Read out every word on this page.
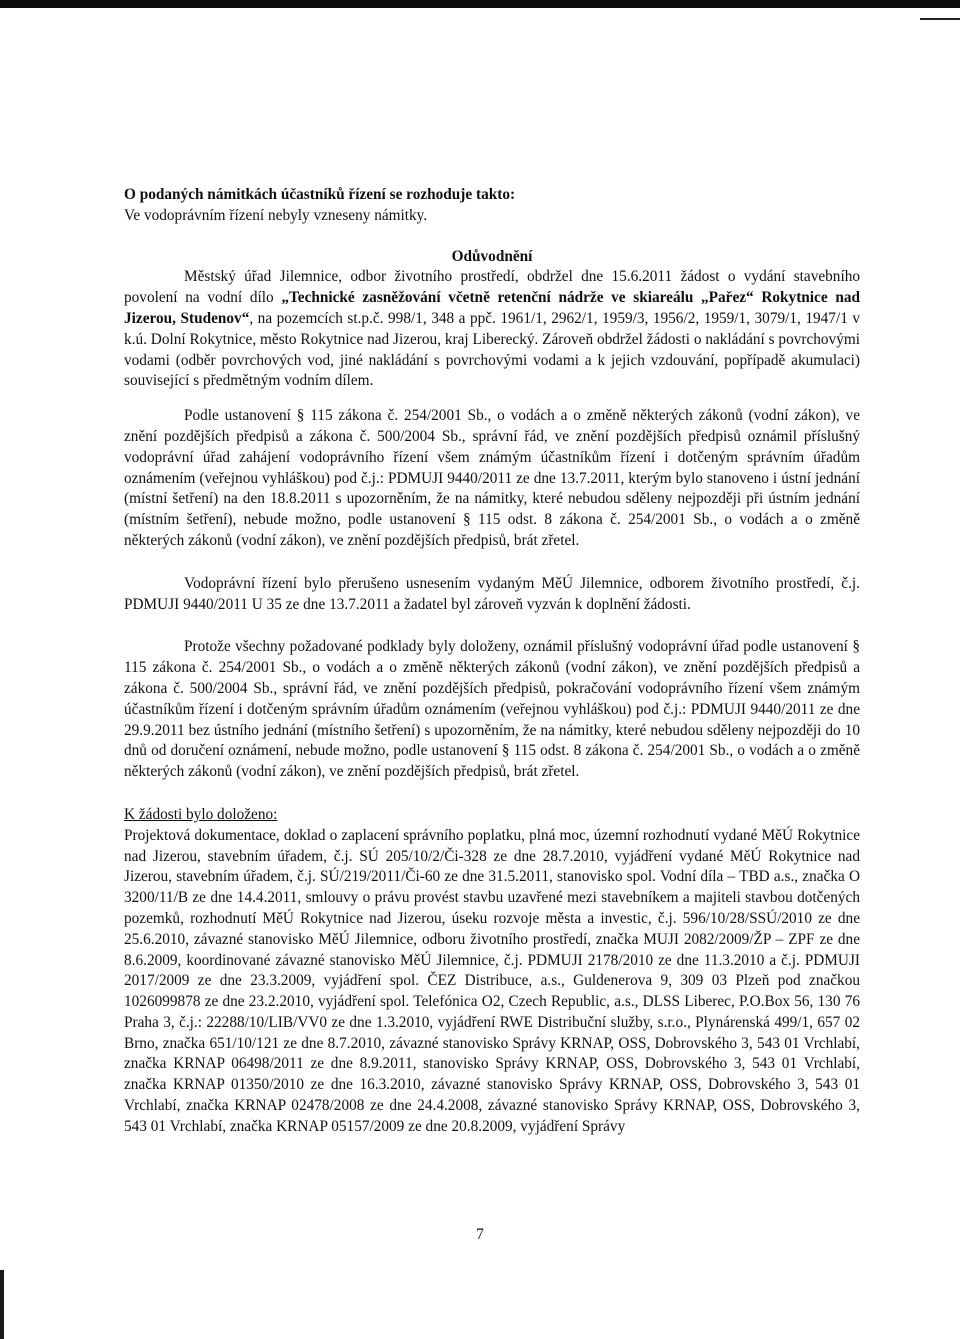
O podaných námitkách účastníků řízení se rozhoduje takto:

Ve vodoprávním řízení nebyly vzneseny námitky.

Odůvodnění

Městský úřad Jilemnice, odbor životního prostředí, obdržel dne 15.6.2011 žádost o vydání stavebního povolení na vodní dílo „Technické zasněžování včetně retenční nádrže ve skiareálu „Pařez“ Rokytnice nad Jizerou, Studenov“, na pozemcích st.p.č. 998/1, 348 a ppč. 1961/1, 2962/1, 1959/3, 1956/2, 1959/1, 3079/1, 1947/1 v k.ú. Dolní Rokytnice, město Rokytnice nad Jizerou, kraj Liberecký. Zároveň obdržel žádosti o nakládání s povrchovými vodami (odběr povrchových vod, jiné nakládání s povrchovými vodami a k jejich vzdouvání, popřípadě akumulaci) související s předmětným vodním dílem.

Podle ustanovení § 115 zákona č. 254/2001 Sb., o vodách a o změně některých zákonů (vodní zákon), ve znění pozdějších předpisů a zákona č. 500/2004 Sb., správní řád, ve znění pozdějších předpisů oznámil příslušný vodoprávní úřad zahájení vodoprávního řízení všem známým účastníkům řízení i dotčeným správním úřadům oznámením (veřejnou vyhláškou) pod č.j.: PDMUJI 9440/2011 ze dne 13.7.2011, kterým bylo stanoveno i ústní jednání (místní šetření) na den 18.8.2011 s upozorněním, že na námitky, které nebudou sděleny nejpozději při ústním jednání (místním šetření), nebude možno, podle ustanovení § 115 odst. 8 zákona č. 254/2001 Sb., o vodách a o změně některých zákonů (vodní zákon), ve znění pozdějších předpisů, brát zřetel.

Vodoprávní řízení bylo přerušeno usnesením vydaným MěÚ Jilemnice, odborem životního prostředí, č.j. PDMUJI 9440/2011 U 35 ze dne 13.7.2011 a žadatel byl zároveň vyzván k doplnění žádosti.

Protože všechny požadované podklady byly doloženy, oznámil příslušný vodoprávní úřad podle ustanovení § 115 zákona č. 254/2001 Sb., o vodách a o změně některých zákonů (vodní zákon), ve znění pozdějších předpisů a zákona č. 500/2004 Sb., správní řád, ve znění pozdějších předpisů, pokračování vodoprávního řízení všem známým účastníkům řízení i dotčeným správním úřadům oznámením (veřejnou vyhláškou) pod č.j.: PDMUJI 9440/2011 ze dne 29.9.2011 bez ústního jednání (místního šetření) s upozorněním, že na námitky, které nebudou sděleny nejpozději do 10 dnů od doručení oznámení, nebude možno, podle ustanovení § 115 odst. 8 zákona č. 254/2001 Sb., o vodách a o změně některých zákonů (vodní zákon), ve znění pozdějších předpisů, brát zřetel.

K žádosti bylo doloženo:

Projektová dokumentace, doklad o zaplacení správního poplatku, plná moc, územní rozhodnutí vydané MěÚ Rokytnice nad Jizerou, stavebním úřadem, č.j. SÚ 205/10/2/Či-328 ze dne 28.7.2010, vyjádření vydané MěÚ Rokytnice nad Jizerou, stavebním úřadem, č.j. SÚ/219/2011/Či-60 ze dne 31.5.2011, stanovisko spol. Vodní díla – TBD a.s., značka O 3200/11/B ze dne 14.4.2011, smlouvy o právu provést stavbu uzavřené mezi stavebníkem a majiteli stavbou dotčených pozemků, rozhodnutí MěÚ Rokytnice nad Jizerou, úseku rozvoje města a investic, č.j. 596/10/28/SSÚ/2010 ze dne 25.6.2010, závazné stanovisko MěÚ Jilemnice, odboru životního prostředí, značka MUJI 2082/2009/ŽP – ZPF ze dne 8.6.2009, koordinované závazné stanovisko MěÚ Jilemnice, č.j. PDMUJI 2178/2010 ze dne 11.3.2010 a č.j. PDMUJI 2017/2009 ze dne 23.3.2009, vyjádření spol. ČEZ Distribuce, a.s., Guldenerova 9, 309 03 Plzeň pod značkou 1026099878 ze dne 23.2.2010, vyjádření spol. Telefónica O2, Czech Republic, a.s., DLSS Liberec, P.O.Box 56, 130 76 Praha 3, č.j.: 22288/10/LIB/VV0 ze dne 1.3.2010, vyjádření RWE Distribuční služby, s.r.o., Plynárenská 499/1, 657 02 Brno, značka 651/10/121 ze dne 8.7.2010, závazné stanovisko Správy KRNAP, OSS, Dobrovského 3, 543 01 Vrchlabí, značka KRNAP 06498/2011 ze dne 8.9.2011, stanovisko Správy KRNAP, OSS, Dobrovského 3, 543 01 Vrchlabí, značka KRNAP 01350/2010 ze dne 16.3.2010, závazné stanovisko Správy KRNAP, OSS, Dobrovského 3, 543 01 Vrchlabí, značka KRNAP 02478/2008 ze dne 24.4.2008, závazné stanovisko Správy KRNAP, OSS, Dobrovského 3, 543 01 Vrchlabí, značka KRNAP 05157/2009 ze dne 20.8.2009, vyjádření Správy

7
